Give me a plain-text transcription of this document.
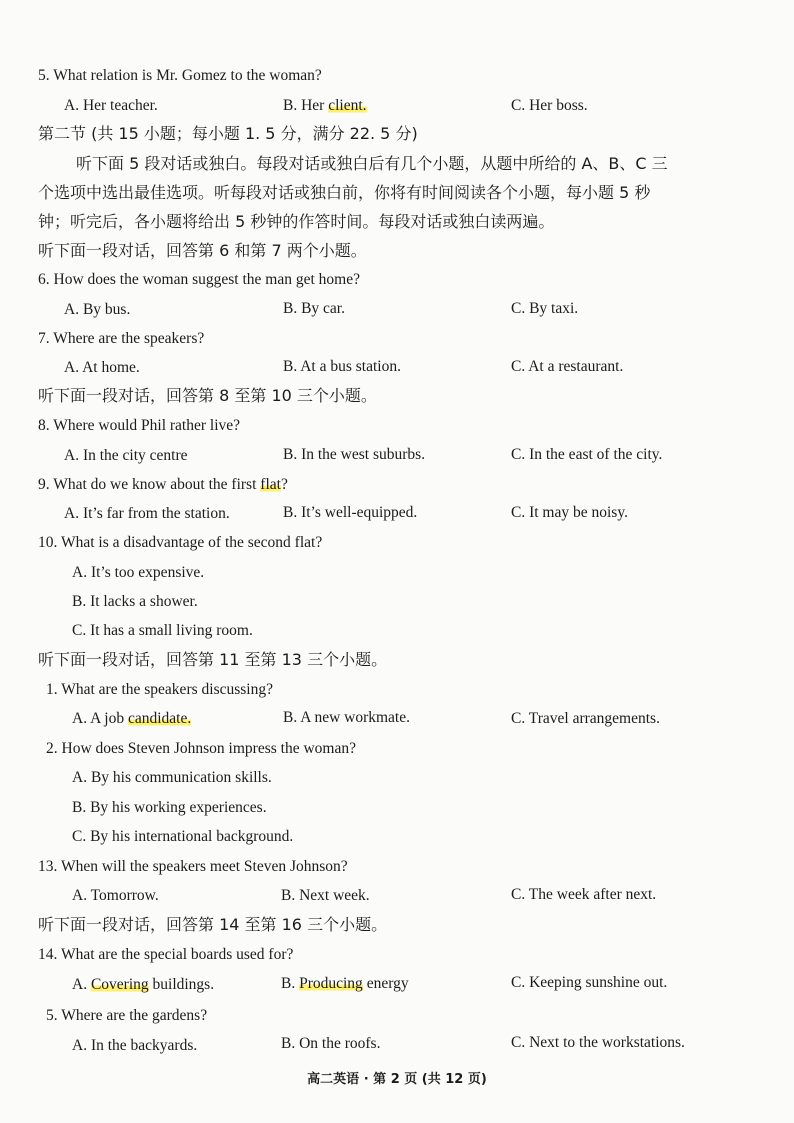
5. What relation is Mr. Gomez to the woman?
A. Her teacher.	B. Her client.	C. Her boss.
第二节 (共 15 小题；每小题 1. 5 分，满分 22. 5 分)
听下面 5 段对话或独白。每段对话或独白后有几个小题，从题中所给的 A、B、C 三
个选项中选出最佳选项。听每段对话或独白前，你将有时间阅读各个小题，每小题 5 秒
钟；听完后，各小题将给出 5 秒钟的作答时间。每段对话或独白读两遍。
听下面一段对话，回答第 6 和第 7 两个小题。
6. How does the woman suggest the man get home?
A. By bus.	B. By car.	C. By taxi.
7. Where are the speakers?
A. At home.	B. At a bus station.	C. At a restaurant.
听下面一段对话，回答第 8 至第 10 三个小题。
8. Where would Phil rather live?
A. In the city centre	B. In the west suburbs.	C. In the east of the city.
9. What do we know about the first flat?
A. It’s far from the station.	B. It’s well-equipped.	C. It may be noisy.
10. What is a disadvantage of the second flat?
A. It’s too expensive.
B. It lacks a shower.
C. It has a small living room.
听下面一段对话，回答第 11 至第 13 三个小题。
1. What are the speakers discussing?
A. A job candidate.	B. A new workmate.	C. Travel arrangements.
2. How does Steven Johnson impress the woman?
A. By his communication skills.
B. By his working experiences.
C. By his international background.
13. When will the speakers meet Steven Johnson?
A. Tomorrow.	B. Next week.	C. The week after next.
听下面一段对话，回答第 14 至第 16 三个小题。
14. What are the special boards used for?
A. Covering buildings.	B. Producing energy	C. Keeping sunshine out.
5. Where are the gardens?
A. In the backyards.	B. On the roofs.	C. Next to the workstations.
高二英语 · 第 2 页 (共 12 页)
